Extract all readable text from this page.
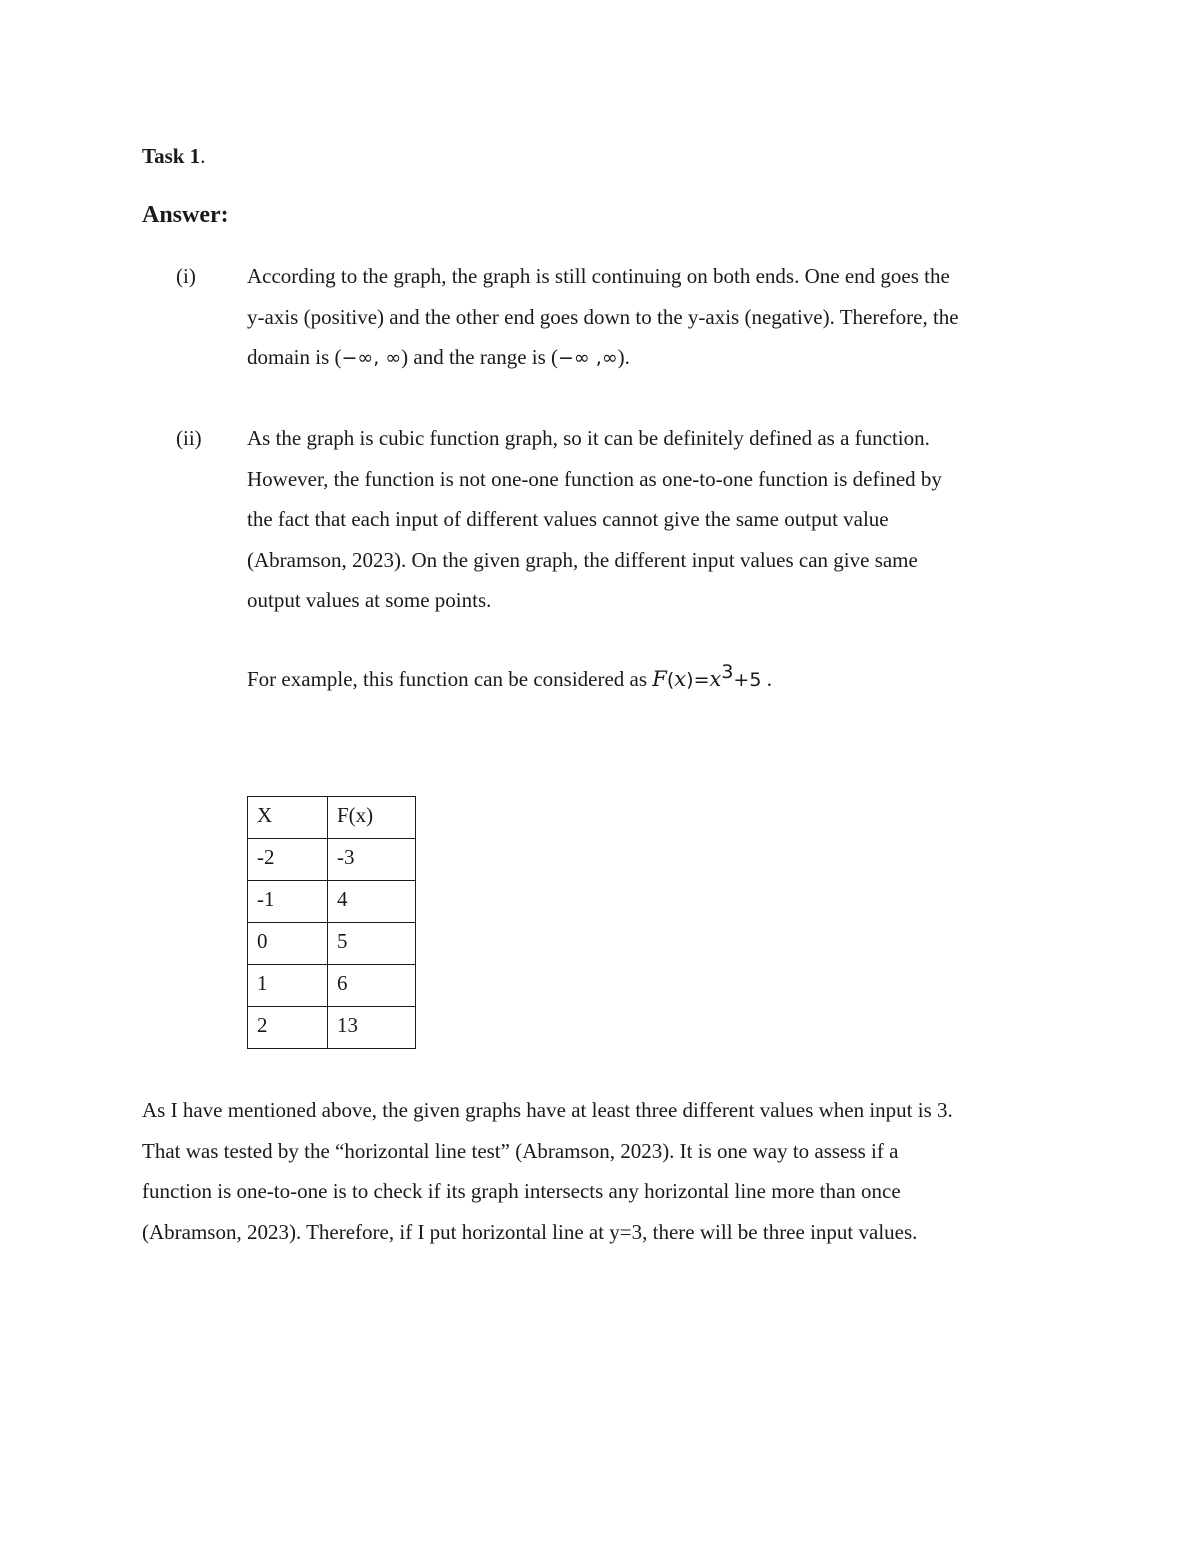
Task 1.
Answer:
(i) According to the graph, the graph is still continuing on both ends. One end goes the
y-axis (positive) and the other end goes down to the y-axis (negative). Therefore, the
domain is (−∞, ∞) and the range is (−∞ ,∞).
(ii) As the graph is cubic function graph, so it can be definitely defined as a function.
However, the function is not one-one function as one-to-one function is defined by
the fact that each input of different values cannot give the same output value
(Abramson, 2023). On the given graph, the different input values can give same
output values at some points.
For example, this function can be considered as $F(x)=x^3+5$ .
X	F(x)
-2	-3
-1	4
0	5
1	6
2	13
As I have mentioned above, the given graphs have at least three different values when input is 3.
That was tested by the “horizontal line test” (Abramson, 2023). It is one way to assess if a
function is one-to-one is to check if its graph intersects any horizontal line more than once
(Abramson, 2023). Therefore, if I put horizontal line at y=3, there will be three input values.
